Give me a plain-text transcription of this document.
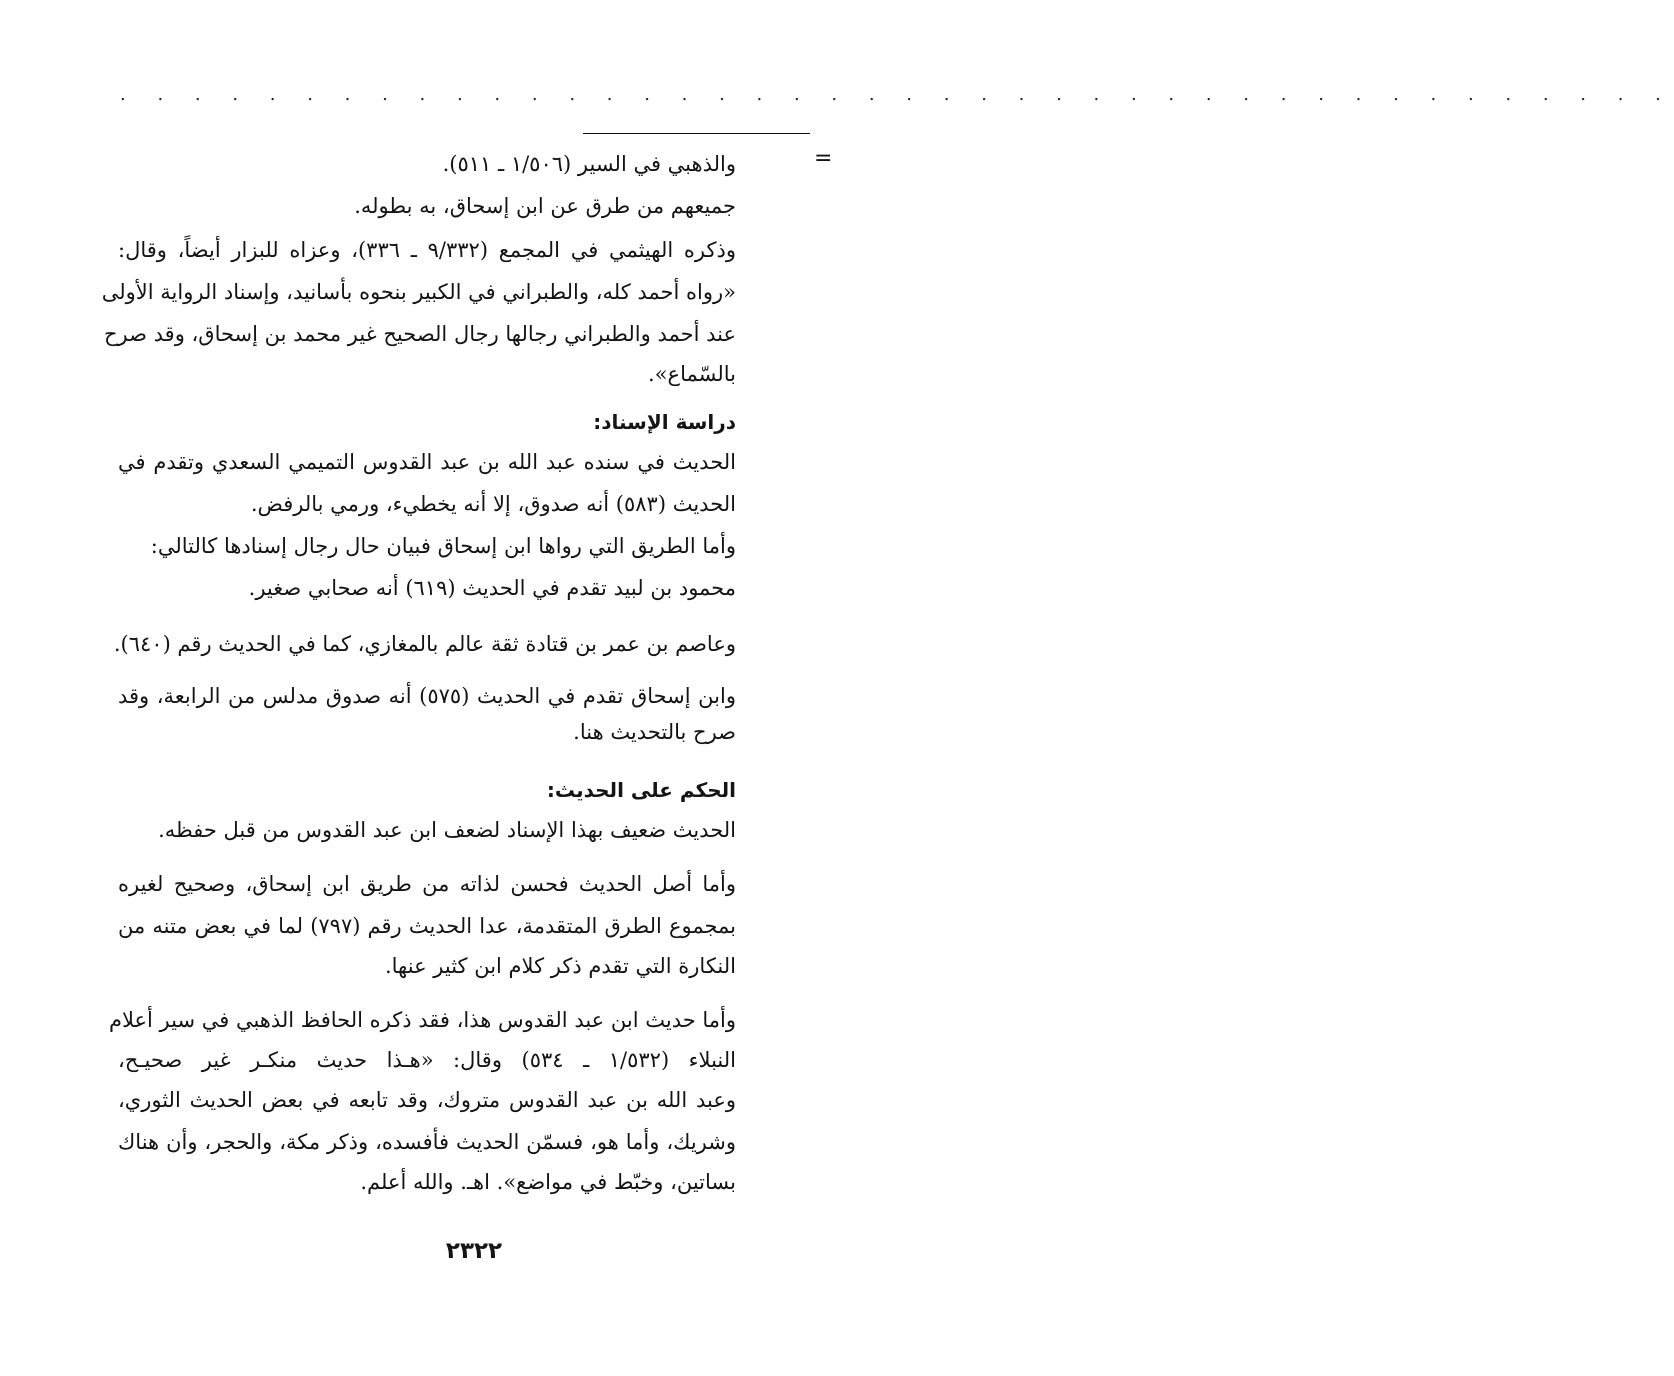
. . . . . . . . . . . . . . . . . . . . . . . . . . . . . . . . . . . . . . . . . .
=
والذهبي في السير (١/٥٠٦ ـ ٥١١).
جميعهم من طرق عن ابن إسحاق، به بطوله.
وذكره الهيثمي في المجمع (٩/٣٣٢ ـ ٣٣٦)، وعزاه للبزار أيضاً، وقال:
«رواه أحمد كله، والطبراني في الكبير بنحوه بأسانيد، وإسناد الرواية الأولى
عند أحمد والطبراني رجالها رجال الصحيح غير محمد بن إسحاق، وقد صرح
بالسّماع».
دراسة الإسناد:
الحديث في سنده عبد الله بن عبد القدوس التميمي السعدي وتقدم في
الحديث (٥٨٣) أنه صدوق، إلا أنه يخطيء، ورمي بالرفض.
وأما الطريق التي رواها ابن إسحاق فبيان حال رجال إسنادها كالتالي:
محمود بن لبيد تقدم في الحديث (٦١٩) أنه صحابي صغير.
وعاصم بن عمر بن قتادة ثقة عالم بالمغازي، كما في الحديث رقم (٦٤٠).
وابن إسحاق تقدم في الحديث (٥٧٥) أنه صدوق مدلس من الرابعة، وقد
صرح بالتحديث هنا.
الحكم على الحديث:
الحديث ضعيف بهذا الإسناد لضعف ابن عبد القدوس من قبل حفظه.
وأما أصل الحديث فحسن لذاته من طريق ابن إسحاق، وصحيح لغيره
بمجموع الطرق المتقدمة، عدا الحديث رقم (٧٩٧) لما في بعض متنه من
النكارة التي تقدم ذكر كلام ابن كثير عنها.
وأما حديث ابن عبد القدوس هذا، فقد ذكره الحافظ الذهبي في سير أعلام
النبلاء (١/٥٣٢ ـ ٥٣٤) وقال: «هـذا حديث منكـر غير صحيـح،
وعبد الله بن عبد القدوس متروك، وقد تابعه في بعض الحديث الثوري،
وشريك، وأما هو، فسمّن الحديث فأفسده، وذكر مكة، والحجر، وأن هناك
بساتين، وخبّط في مواضع». اهـ. والله أعلم.
٢٣٢٢
